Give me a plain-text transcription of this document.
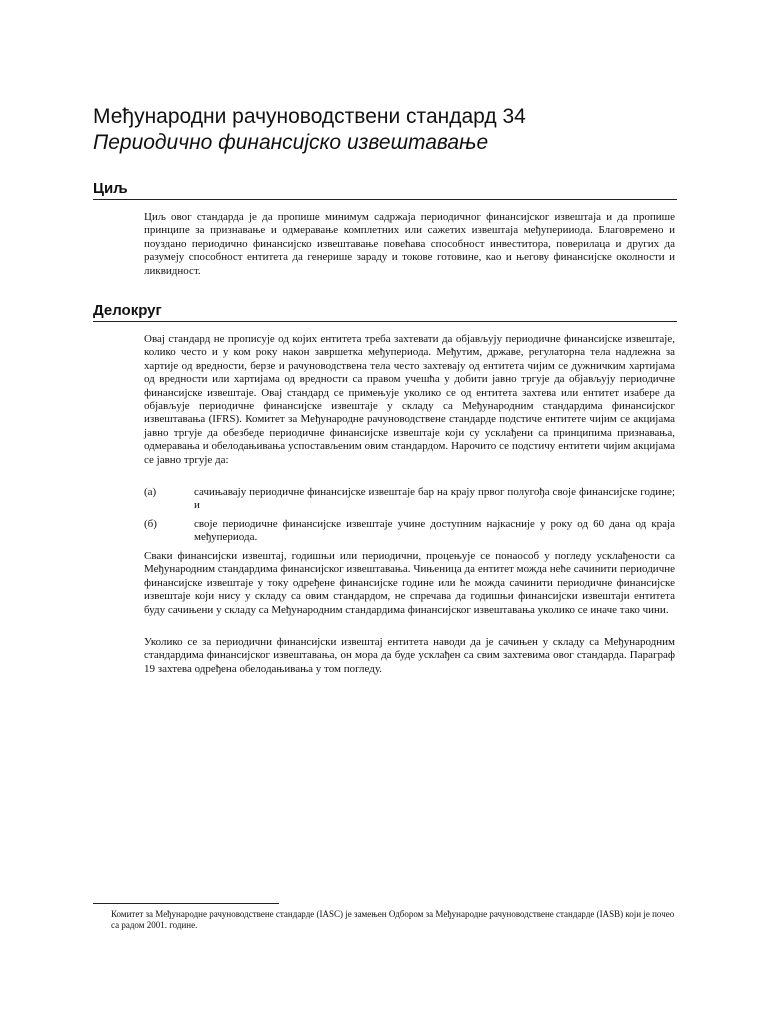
Међународни рачуноводствени стандард 34
Периодично финансијско извештавање
Циљ

Циљ овог стандарда је да пропише минимум садржаја периодичног финансијског извештаја и да пропише принципе за признавање и одмеравање комплетних или сажетих извештаја међуперииода. Благовремено и поуздано периодично финансијско извештавање повећава способност инвеститора, поверилаца и других да разумеју способност ентитета да генерише зараду и токове готовине, као и његову финансијске околности и ликвидност.

Делокруг

Овај стандард не прописује од којих ентитета треба захтевати да објављују периодичне финансијске извештаје, колико често и у ком року након завршетка међупериода. Међутим, државе, регулаторна тела надлежна за хартије од вредности, берзе и рачуноводствена тела често захтевају од ентитета чијим се дужничким хартијама од вредности или хартијама од вредности са правом учешћа у добити јавно тргује да објављују периодичне финансијске извештаје. Овај стандард се примењује уколико се од ентитета захтева или ентитет изабере да објављује периодичне финансијске извештаје у складу са Међународним стандардима финансијског извештавања (IFRS). Комитет за Међународне рачуноводствене стандарде подстиче ентитете чијим се акцијама јавно тргује да обезбеде периодичне финансијске извештаје који су усклађени са принципима признавања, одмеравања и обелодањивања успостављеним овим стандардом. Нарочито се подстичу ентитети чијим акцијама се јавно тргује да:

(а)	сачињавају периодичне финансијске извештаје бар на крају првог полугођа своје финансијске године; и
(б)	своје периодичне финансијске извештаје учине доступним најкасније у року од 60 дана од краја међупериода.

Сваки финансијски извештај, годишњи или периодични, процењује се понаособ у погледу усклађености са Међународним стандардима финансијског извештавања. Чињеница да ентитет можда неће сачинити периодичне финансијске извештаје у току одређене финансијске године или ће можда сачинити периодичне финансијске извештаје који нису у складу са овим стандардом, не спречава да годишњи финансијски извештаји ентитета буду сачињени у складу са Међународним стандардима финансијског извештавања уколико се иначе тако чини.

Уколико се за периодични финансијски извештај ентитета наводи да је сачињен у складу са Међународним стандардима финансијског извештавања, он мора да буде усклађен са свим захтевима овог стандарда. Параграф 19 захтева одређена обелодањивања у том погледу.

Комитет за Међународне рачуноводствене стандарде (IASC) је замењен Одбором за Међународне рачуноводствене стандарде (IASB) који је почео са радом 2001. године.
